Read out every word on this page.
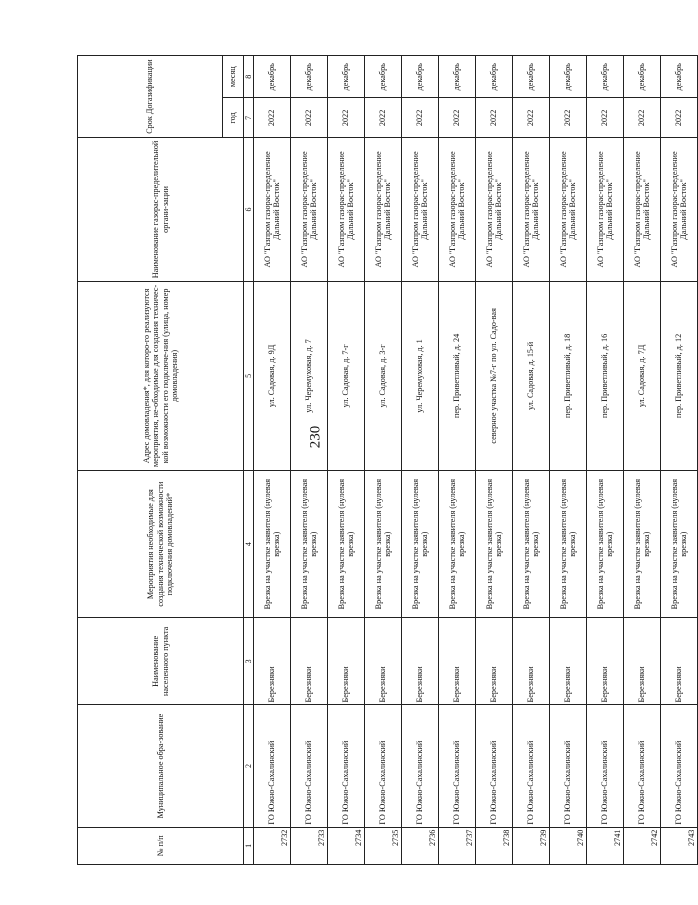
230
№ п/п	Муниципальное обра-зование	Наименование населенного пункта	Мероприятия необходимые для создания технической возможности подключения домовладений*	Адрес домовладения*, для которо-го реализуются мероприятия, не-обходимые для создания техничес-кой возможности его подключе-ния (улица, номер домовладения)	Наименование газорас-пределительной органи-зации	Срок Догазификации	
						год	месяц
1	2	3	4	5	6	7	8

2732	ГО Южно-Сахалинский	Березняки	Врезка на участке заявителя (нулевая врезка)	ул. Садовая, д. 9Д	АО "Газпром газорас-пределение Дальний Восток"	2022	декабрь

2733	ГО Южно-Сахалинский	Березняки	Врезка на участке заявителя (нулевая врезка)	ул. Черемуховая, д. 7	АО "Газпром газорас-пределение Дальний Восток"	2022	декабрь

2734	ГО Южно-Сахалинский	Березняки	Врезка на участке заявителя (нулевая врезка)	ул. Садовая, д. 7-г	АО "Газпром газорас-пределение Дальний Восток"	2022	декабрь

2735	ГО Южно-Сахалинский	Березняки	Врезка на участке заявителя (нулевая врезка)	ул. Садовая, д. 3-г	АО "Газпром газорас-пределение Дальний Восток"	2022	декабрь

2736	ГО Южно-Сахалинский	Березняки	Врезка на участке заявителя (нулевая врезка)	ул. Черемуховая, д. 1	АО "Газпром газорас-пределение Дальний Восток"	2022	декабрь

2737	ГО Южно-Сахалинский	Березняки	Врезка на участке заявителя (нулевая врезка)	пер. Приветливый, д. 24	АО "Газпром газорас-пределение Дальний Восток"	2022	декабрь

2738	ГО Южно-Сахалинский	Березняки	Врезка на участке заявителя (нулевая врезка)	северное участка №7-г по ул. Садо-вая	АО "Газпром газорас-пределение Дальний Восток"	2022	декабрь

2739	ГО Южно-Сахалинский	Березняки	Врезка на участке заявителя (нулевая врезка)	ул. Садовая, д. 15-й	АО "Газпром газорас-пределение Дальний Восток"	2022	декабрь

2740	ГО Южно-Сахалинский	Березняки	Врезка на участке заявителя (нулевая врезка)	пер. Приветливый, д. 18	АО "Газпром газорас-пределение Дальний Восток"	2022	декабрь

2741	ГО Южно-Сахалинский	Березняки	Врезка на участке заявителя (нулевая врезка)	пер. Приветливый, д. 16	АО "Газпром газорас-пределение Дальний Восток"	2022	декабрь

2742	ГО Южно-Сахалинский	Березняки	Врезка на участке заявителя (нулевая врезка)	ул. Садовая, д. 7Д	АО "Газпром газорас-пределение Дальний Восток"	2022	декабрь

2743	ГО Южно-Сахалинский	Березняки	Врезка на участке заявителя (нулевая врезка)	пер. Приветливый, д. 12	АО "Газпром газорас-пределение Дальний Восток"	2022	декабрь
